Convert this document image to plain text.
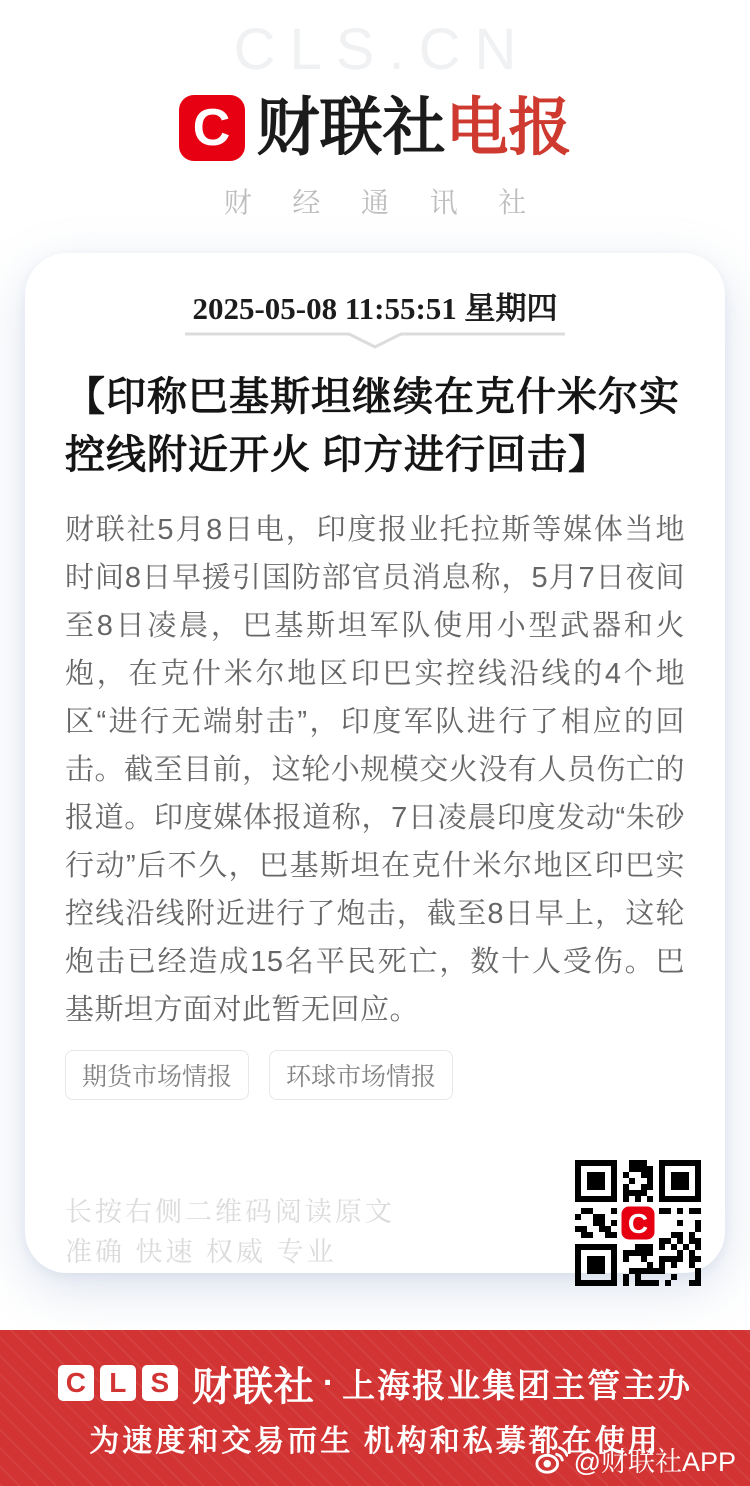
CLS.CN
C 财联社电报
财经通讯社
2025-05-08 11:55:51 星期四
【印称巴基斯坦继续在克什米尔实控线附近开火 印方进行回击】

财联社5月8日电，印度报业托拉斯等媒体当地时间8日早援引国防部官员消息称，5月7日夜间至8日凌晨，巴基斯坦军队使用小型武器和火炮，在克什米尔地区印巴实控线沿线的4个地区“进行无端射击”，印度军队进行了相应的回击。截至目前，这轮小规模交火没有人员伤亡的报道。印度媒体报道称，7日凌晨印度发动“朱砂行动”后不久，巴基斯坦在克什米尔地区印巴实控线沿线附近进行了炮击，截至8日早上，这轮炮击已经造成15名平民死亡，数十人受伤。巴基斯坦方面对此暂无回应。

期货市场情报	环球市场情报
长按右侧二维码阅读原文
准确 快速 权威 专业
C
C L S 财联社 · 上海报业集团主管主办
为速度和交易而生 机构和私募都在使用
@财联社APP
